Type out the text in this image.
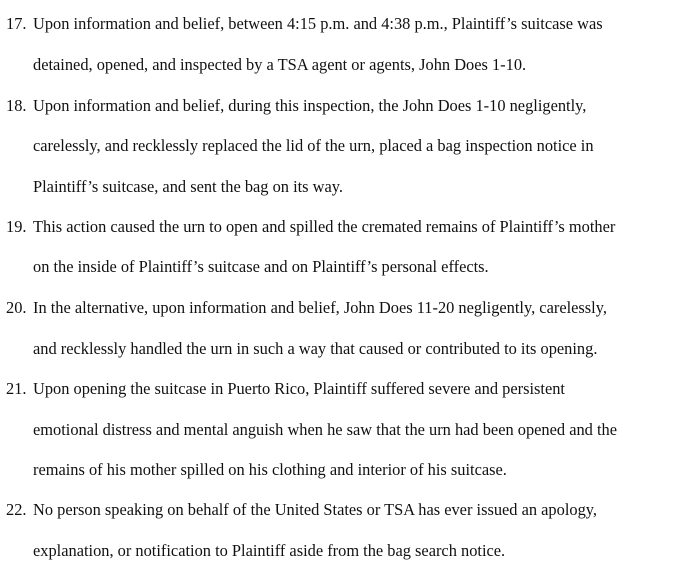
17. Upon information and belief, between 4:15 p.m. and 4:38 p.m., Plaintiff’s suitcase was
detained, opened, and inspected by a TSA agent or agents, John Does 1-10.
18. Upon information and belief, during this inspection, the John Does 1-10 negligently,
carelessly, and recklessly replaced the lid of the urn, placed a bag inspection notice in
Plaintiff’s suitcase, and sent the bag on its way.
19. This action caused the urn to open and spilled the cremated remains of Plaintiff’s mother
on the inside of Plaintiff’s suitcase and on Plaintiff’s personal effects.
20. In the alternative, upon information and belief, John Does 11-20 negligently, carelessly,
and recklessly handled the urn in such a way that caused or contributed to its opening.
21. Upon opening the suitcase in Puerto Rico, Plaintiff suffered severe and persistent
emotional distress and mental anguish when he saw that the urn had been opened and the
remains of his mother spilled on his clothing and interior of his suitcase.
22. No person speaking on behalf of the United States or TSA has ever issued an apology,
explanation, or notification to Plaintiff aside from the bag search notice.
